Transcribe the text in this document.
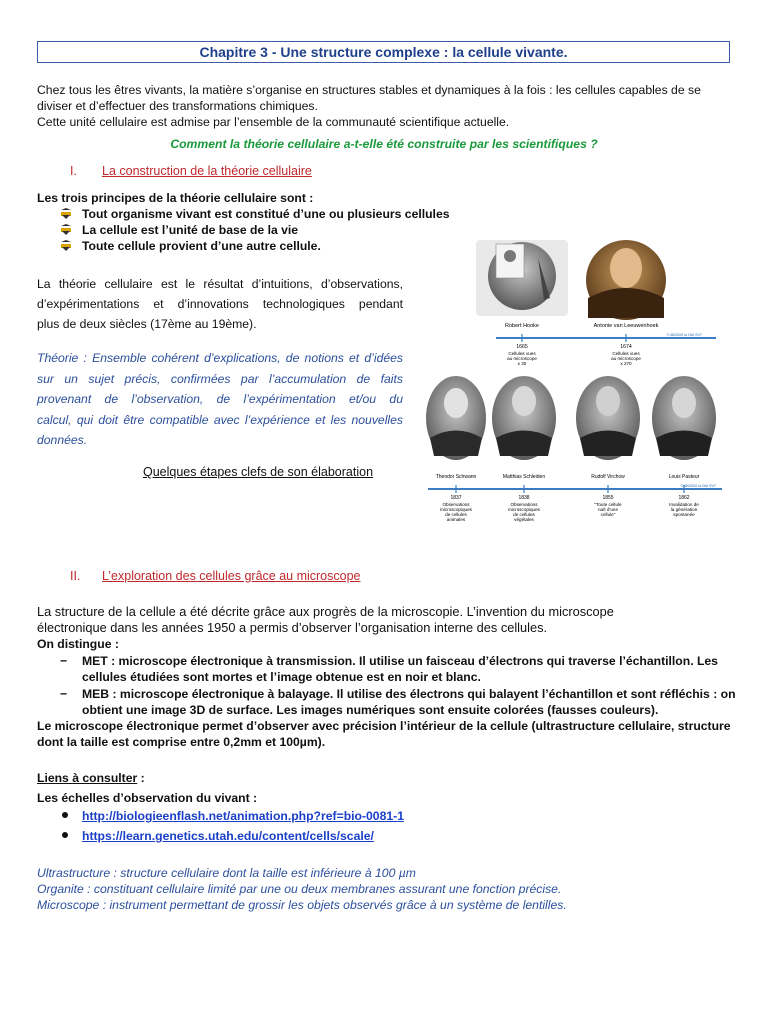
Chapitre 3 - Une structure complexe : la cellule vivante.
Chez tous les êtres vivants, la matière s’organise en structures stables et dynamiques à la fois : les cellules capables de se
diviser et d’effectuer des transformations chimiques.
Cette unité cellulaire est admise par l’ensemble de la communauté scientifique actuelle.
Comment la théorie cellulaire a-t-elle été construite par les scientifiques ?
I. La construction de la théorie cellulaire
Les trois principes de la théorie cellulaire sont :
Tout organisme vivant est constitué d’une ou plusieurs cellules
La cellule est l’unité de base de la vie
Toute cellule provient d’une autre cellule.
La théorie cellulaire est le résultat d’intuitions, d’observations,
d’expérimentations et d’innovations technologiques pendant
plus de deux siècles (17ème au 19ème).
Théorie : Ensemble cohérent d’explications, de notions et d’idées
sur un sujet précis, confirmées par l’accumulation de faits
provenant de l’observation, de l’expérimentation et/ou du
calcul, qui doit être compatible avec l’expérience et les nouvelles
données.
Quelques étapes clefs de son élaboration
Robert Hooke	Antonie van Leeuwenhoek
© ABCBIO la Cité SVT
1665	1674
Cellules vues
au microscope
x 30
Cellules vues
au microscope
x 270
Theodor Schwann	Matthias Schleiden	Rudolf Virchow	Louis Pasteur
© ABCBIO la Cité SVT
1837	1838	1855	1862
Observations
microscopiques
de cellules
animales
Observations
microscopiques
de cellules
végétales
"Toute cellule
naît d'une
cellule"
Invalidation de
la génération
spontanée
II. L’exploration des cellules grâce au microscope
La structure de la cellule a été décrite grâce aux progrès de la microscopie. L’invention du microscope
électronique dans les années 1950 a permis d’observer l’organisation interne des cellules.
On distingue :
− MET : microscope électronique à transmission. Il utilise un faisceau d’électrons qui traverse l’échantillon. Les
cellules étudiées sont mortes et l’image obtenue est en noir et blanc.
− MEB : microscope électronique à balayage. Il utilise des électrons qui balayent l’échantillon et sont réfléchis : on
obtient une image 3D de surface. Les images numériques sont ensuite colorées (fausses couleurs).
Le microscope électronique permet d’observer avec précision l’intérieur de la cellule (ultrastructure cellulaire, structure
dont la taille est comprise entre 0,2mm et 100µm).
Liens à consulter :
Les échelles d’observation du vivant :
http://biologieenflash.net/animation.php?ref=bio-0081-1
https://learn.genetics.utah.edu/content/cells/scale/
Ultrastructure : structure cellulaire dont la taille est inférieure à 100 µm
Organite : constituant cellulaire limité par une ou deux membranes assurant une fonction précise.
Microscope : instrument permettant de grossir les objets observés grâce à un système de lentilles.
